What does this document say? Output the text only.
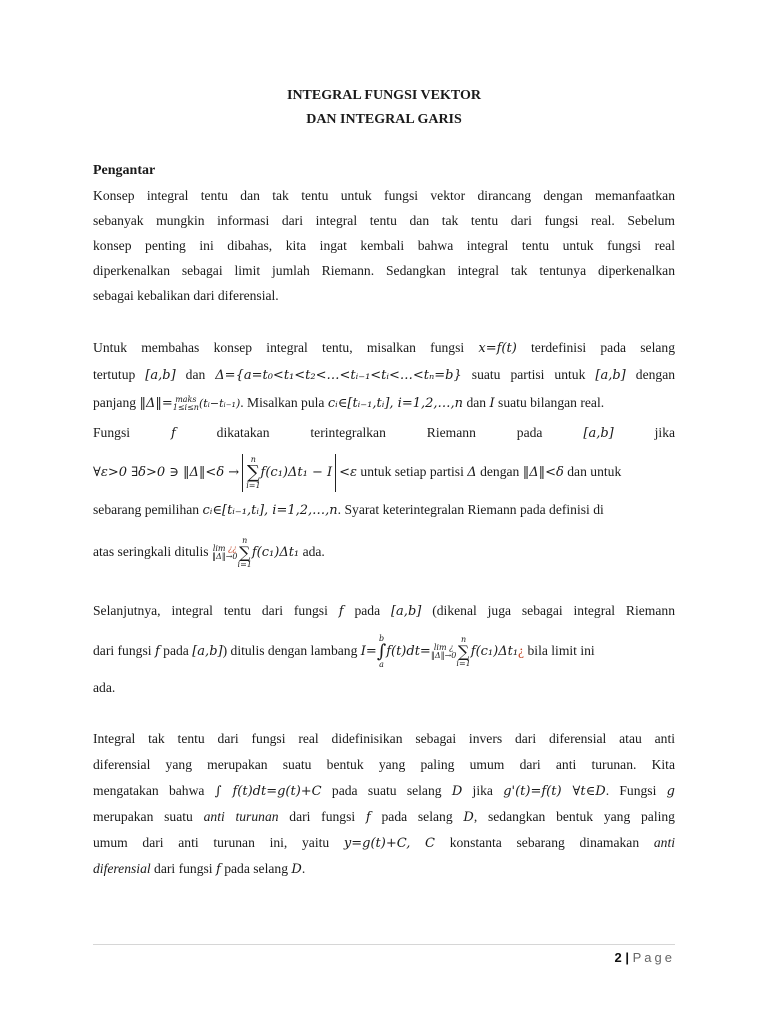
INTEGRAL FUNGSI VEKTOR
DAN INTEGRAL GARIS
Pengantar
Konsep integral tentu dan tak tentu untuk fungsi vektor dirancang dengan memanfaatkan
sebanyak mungkin informasi dari integral tentu dan tak tentu dari fungsi real. Sebelum
konsep penting ini dibahas, kita ingat kembali bahwa integral tentu untuk fungsi real
diperkenalkan sebagai limit jumlah Riemann. Sedangkan integral tak tentunya diperkenalkan
sebagai kebalikan dari diferensial.
Untuk membahas konsep integral tentu, misalkan fungsi x=f(t) terdefinisi pada selang
tertutup [a,b] dan Δ={a=t₀<t₁<t₂<…<tᵢ₋₁<tᵢ<…<tₙ=b} suatu partisi untuk [a,b] dengan
panjang ‖Δ‖= maks
1≤i≤n (tᵢ−tᵢ₋₁). Misalkan pula cᵢ∈[tᵢ₋₁,tᵢ], i=1,2,…,n dan I suatu bilangan real.
Fungsi	f	dikatakan	terintegralkan	Riemann	pada	[a,b]	jika
∀ε>0 ∃δ>0 ∋ ‖Δ‖<δ →
n
∑
i=1
f(c₁)Δt₁ − I <ε untuk setiap partisi Δ dengan ‖Δ‖<δ dan untuk
sebarang pemilihan cᵢ∈[tᵢ₋₁,tᵢ], i=1,2,…,n. Syarat keterintegralan Riemann pada definisi di
atas seringkali ditulis lim ¿¿
‖Δ‖→0
n
∑
i=1
f(c₁)Δt₁ ada.
Selanjutnya, integral tentu dari fungsi f pada [a,b] (dikenal juga sebagai integral Riemann
dari fungsi f pada [a,b]) ditulis dengan lambang I=
b
∫
a
f(t)dt= lim ¿
‖Δ‖→0
n
∑
i=1
f(c₁)Δt₁¿ bila limit ini
ada.
Integral tak tentu dari fungsi real didefinisikan sebagai invers dari diferensial atau anti
diferensial yang merupakan suatu bentuk yang paling umum dari anti turunan. Kita
mengatakan bahwa ∫ f(t)dt=g(t)+C pada suatu selang D jika g'(t)=f(t) ∀t∈D. Fungsi g
merupakan suatu anti turunan dari fungsi f pada selang D, sedangkan bentuk yang paling
umum dari anti turunan ini, yaitu y=g(t)+C, C konstanta sebarang dinamakan anti
diferensial dari fungsi f pada selang D.
2 | Page
